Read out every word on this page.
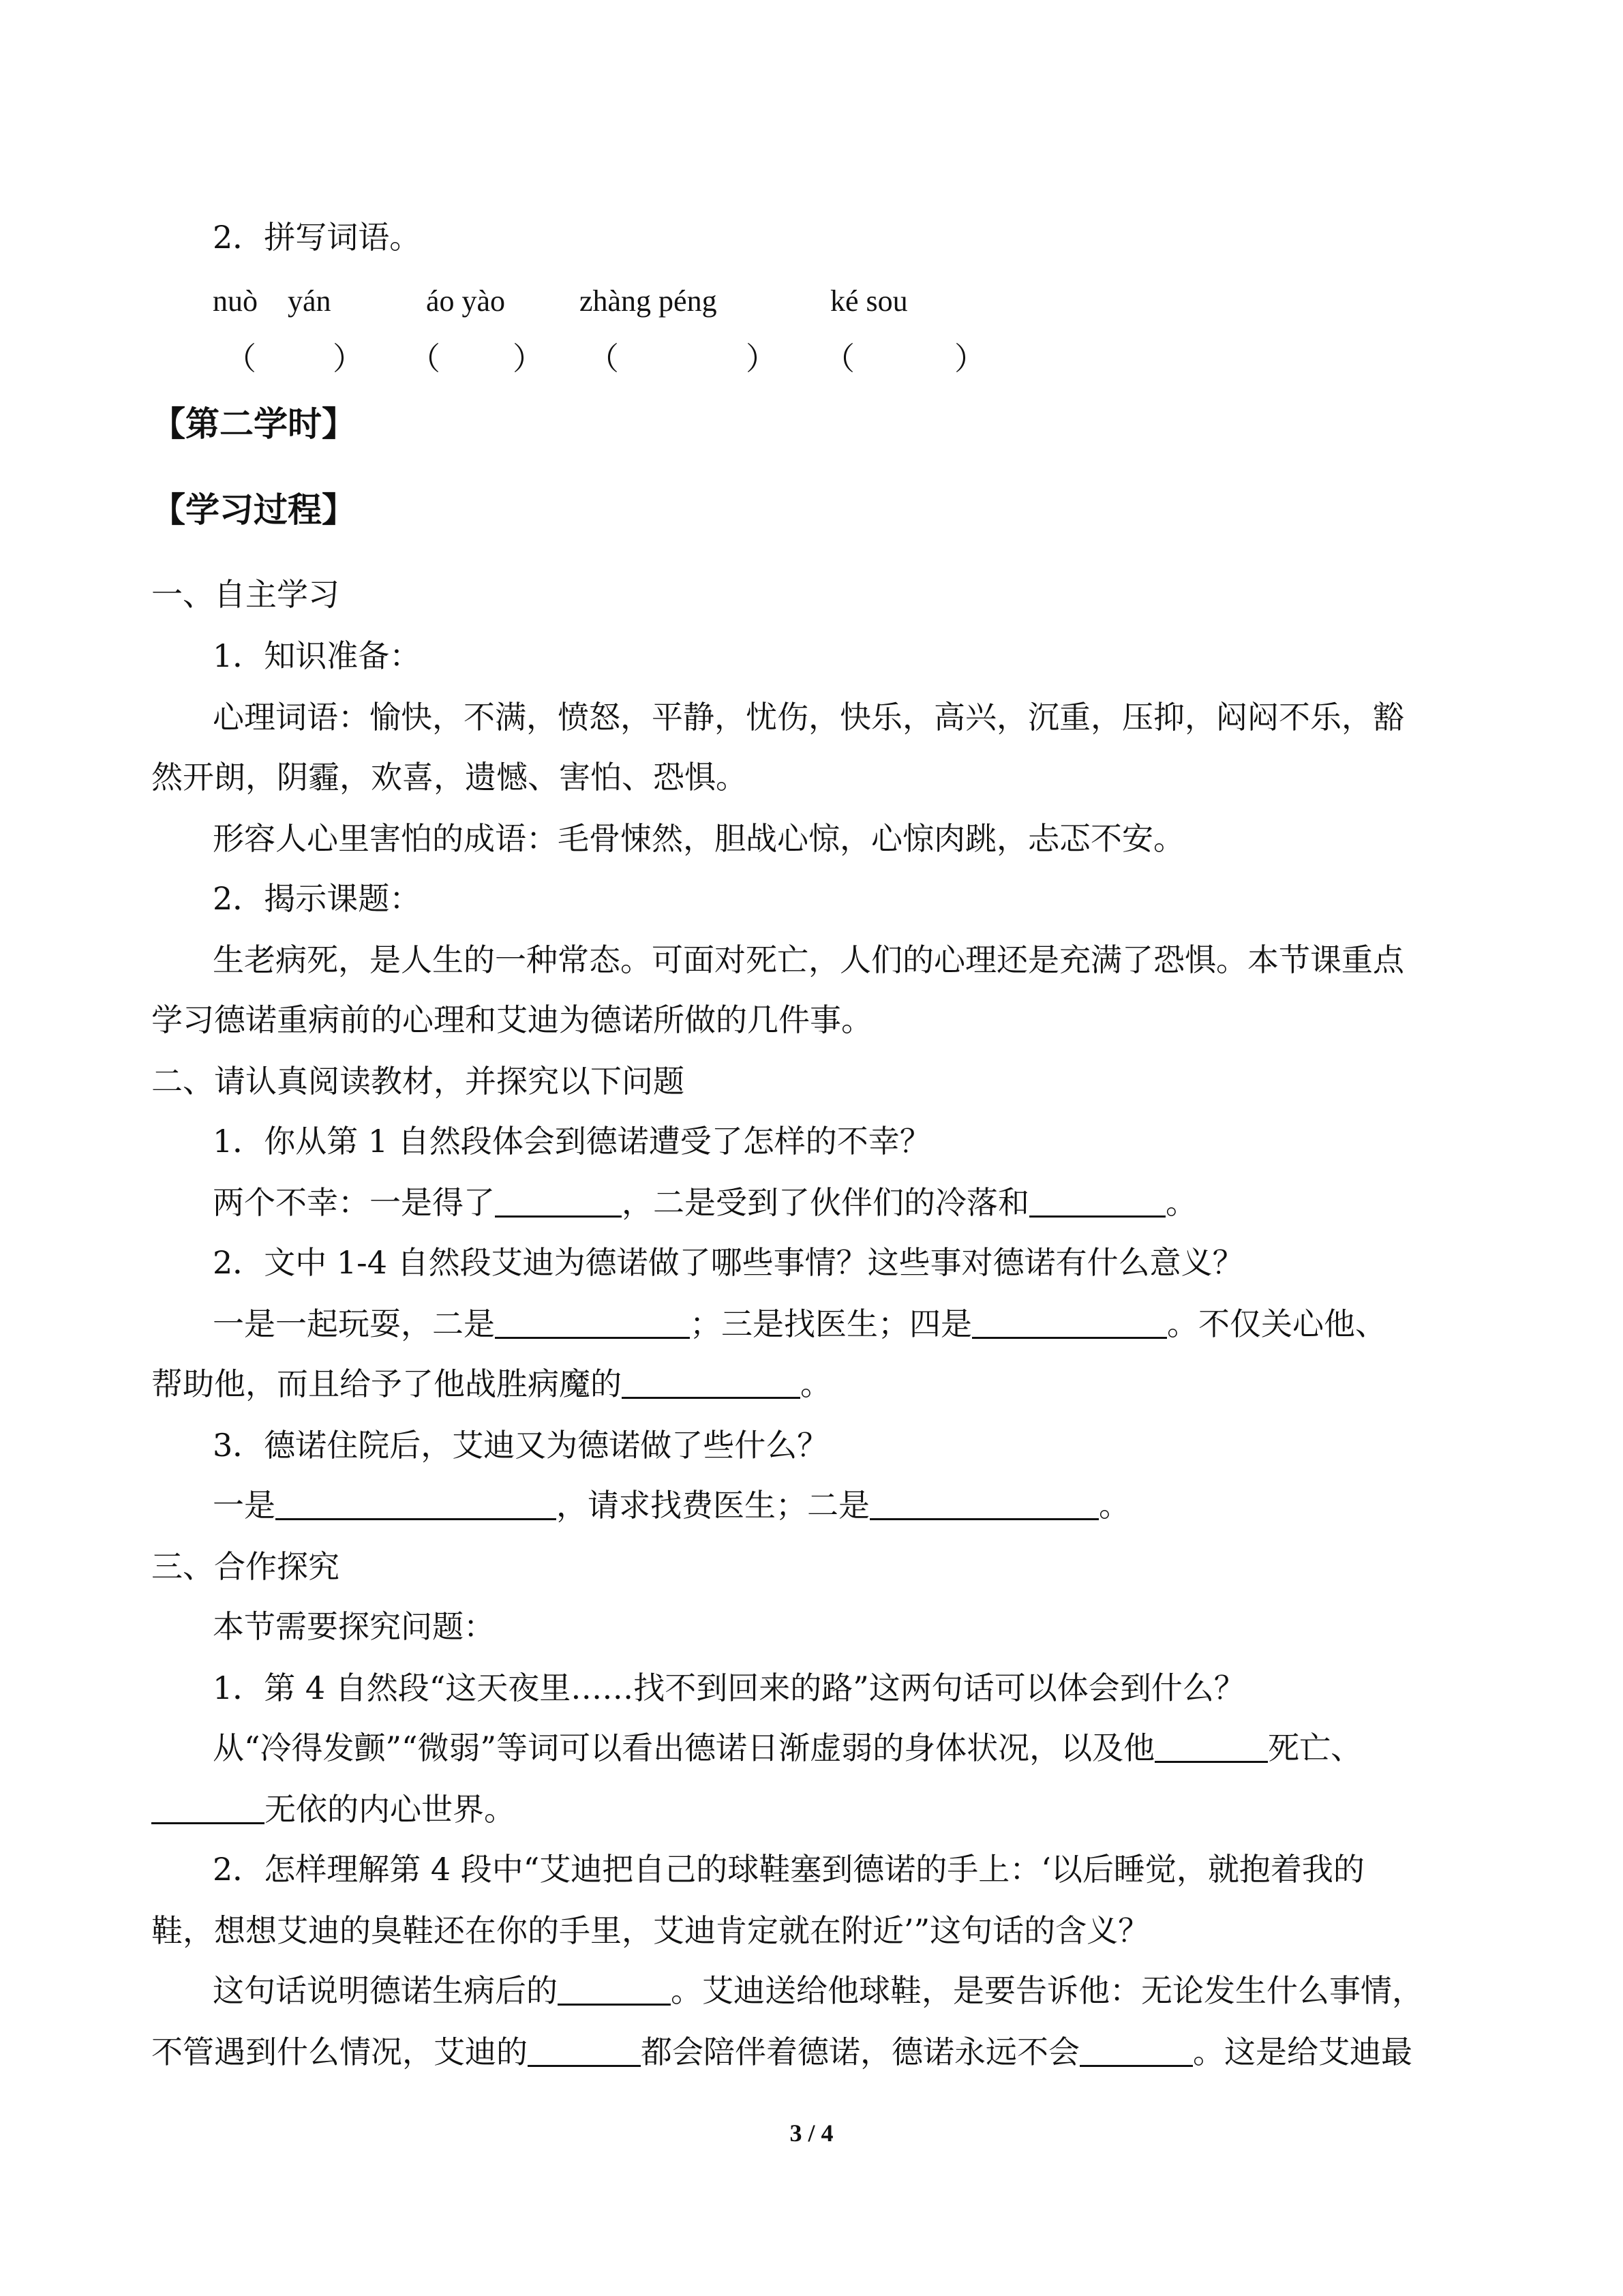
2．拼写词语。
nuò　yán	áo yào zhàng péng	ké sou
（ ） （ ） （	） （	）
【第二学时】
【学习过程】
一、自主学习
1．知识准备：
心理词语：愉快，不满，愤怒，平静，忧伤，快乐，高兴，沉重，压抑，闷闷不乐，豁
然开朗，阴霾，欢喜，遗憾、害怕、恐惧。
形容人心里害怕的成语：毛骨悚然，胆战心惊，心惊肉跳，忐忑不安。
2．揭示课题：
生老病死，是人生的一种常态。可面对死亡，人们的心理还是充满了恐惧。本节课重点
学习德诺重病前的心理和艾迪为德诺所做的几件事。
二、请认真阅读教材，并探究以下问题
1．你从第 1 自然段体会到德诺遭受了怎样的不幸？
两个不幸：一是得了	，二是受到了伙伴们的冷落和	。
2．文中 1-4 自然段艾迪为德诺做了哪些事情？这些事对德诺有什么意义？
一是一起玩耍，二是	；三是找医生；四是	。不仅关心他、
帮助他，而且给予了他战胜病魔的	。
3．德诺住院后，艾迪又为德诺做了些什么？
一是	，请求找费医生；二是	。
三、合作探究
本节需要探究问题：
1．第 4 自然段“这天夜里……找不到回来的路”这两句话可以体会到什么？
从“冷得发颤”“微弱”等词可以看出德诺日渐虚弱的身体状况，以及他	死亡、
无依的内心世界。
2．怎样理解第 4 段中“艾迪把自己的球鞋塞到德诺的手上：‘以后睡觉，就抱着我的
鞋，想想艾迪的臭鞋还在你的手里，艾迪肯定就在附近’”这句话的含义？
这句话说明德诺生病后的	。艾迪送给他球鞋，是要告诉他：无论发生什么事情，
不管遇到什么情况，艾迪的	都会陪伴着德诺，德诺永远不会	。这是给艾迪最
3 / 4
